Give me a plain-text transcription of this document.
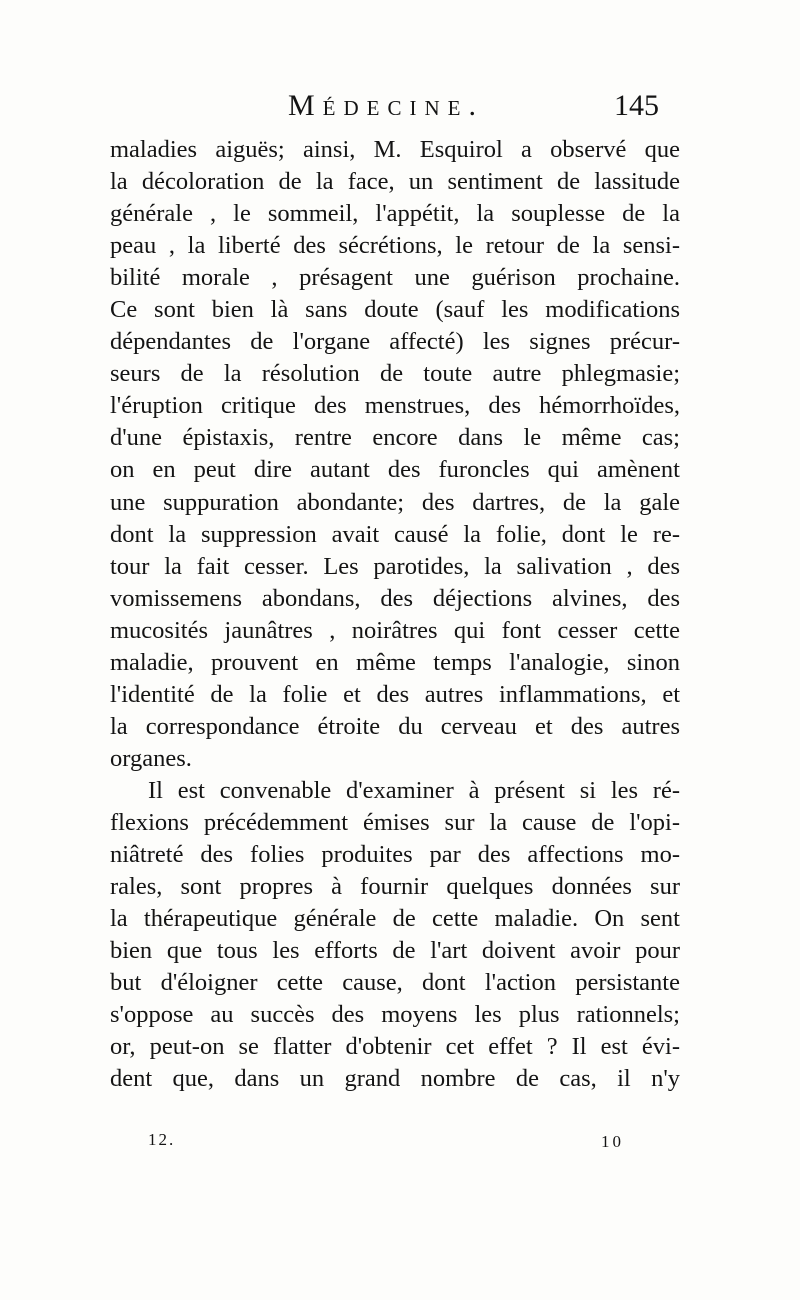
Médecine.	145
maladies aiguës; ainsi, M. Esquirol a observé que
la décoloration de la face, un sentiment de lassitude
générale , le sommeil, l'appétit, la souplesse de la
peau , la liberté des sécrétions, le retour de la sensi-
bilité morale , présagent une guérison prochaine.
Ce sont bien là sans doute (sauf les modifications
dépendantes de l'organe affecté) les signes précur-
seurs de la résolution de toute autre phlegmasie;
l'éruption critique des menstrues, des hémorrhoïdes,
d'une épistaxis, rentre encore dans le même cas;
on en peut dire autant des furoncles qui amènent
une suppuration abondante; des dartres, de la gale
dont la suppression avait causé la folie, dont le re-
tour la fait cesser. Les parotides, la salivation , des
vomissemens abondans, des déjections alvines, des
mucosités jaunâtres , noirâtres qui font cesser cette
maladie, prouvent en même temps l'analogie, sinon
l'identité de la folie et des autres inflammations, et
la correspondance étroite du cerveau et des autres
organes.
Il est convenable d'examiner à présent si les ré-
flexions précédemment émises sur la cause de l'opi-
niâtreté des folies produites par des affections mo-
rales, sont propres à fournir quelques données sur
la thérapeutique générale de cette maladie. On sent
bien que tous les efforts de l'art doivent avoir pour
but d'éloigner cette cause, dont l'action persistante
s'oppose au succès des moyens les plus rationnels;
or, peut-on se flatter d'obtenir cet effet ? Il est évi-
dent que, dans un grand nombre de cas, il n'y
12.	10
